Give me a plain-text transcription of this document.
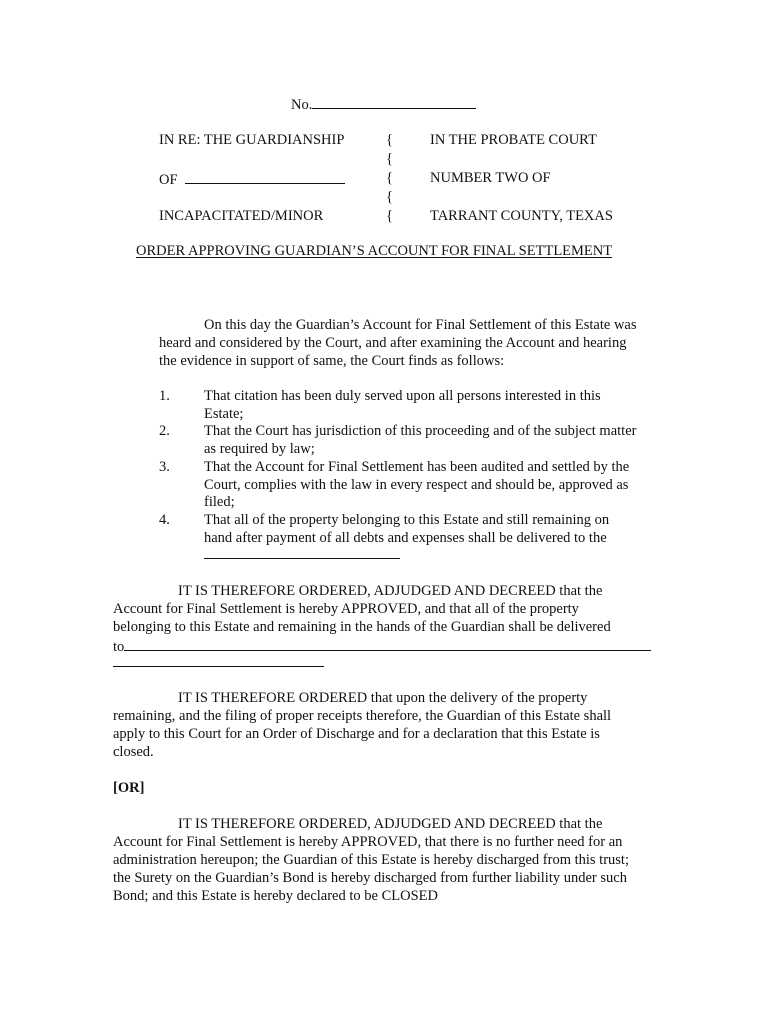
No.
IN RE: THE GUARDIANSHIP
OF
INCAPACITATED/MINOR
{
{
{
{
{
IN THE PROBATE COURT
NUMBER TWO OF
TARRANT COUNTY, TEXAS
ORDER APPROVING GUARDIAN’S ACCOUNT FOR FINAL SETTLEMENT
On this day the Guardian’s Account for Final Settlement of this Estate was
heard and considered by the Court, and after examining the Account and hearing
the evidence in support of same, the Court finds as follows:
1. That citation has been duly served upon all persons interested in this
Estate;
2. That the Court has jurisdiction of this proceeding and of the subject matter
as required by law;
3. That the Account for Final Settlement has been audited and settled by the
Court, complies with the law in every respect and should be, approved as
filed;
4. That all of the property belonging to this Estate and still remaining on
hand after payment of all debts and expenses shall be delivered to the
IT IS THEREFORE ORDERED, ADJUDGED AND DECREED that the
Account for Final Settlement is hereby APPROVED, and that all of the property
belonging to this Estate and remaining in the hands of the Guardian shall be delivered
to
IT IS THEREFORE ORDERED that upon the delivery of the property
remaining, and the filing of proper receipts therefore, the Guardian of this Estate shall
apply to this Court for an Order of Discharge and for a declaration that this Estate is
closed.
[OR]
IT IS THEREFORE ORDERED, ADJUDGED AND DECREED that the
Account for Final Settlement is hereby APPROVED, that there is no further need for an
administration hereupon; the Guardian of this Estate is hereby discharged from this trust;
the Surety on the Guardian’s Bond is hereby discharged from further liability under such
Bond; and this Estate is hereby declared to be CLOSED
